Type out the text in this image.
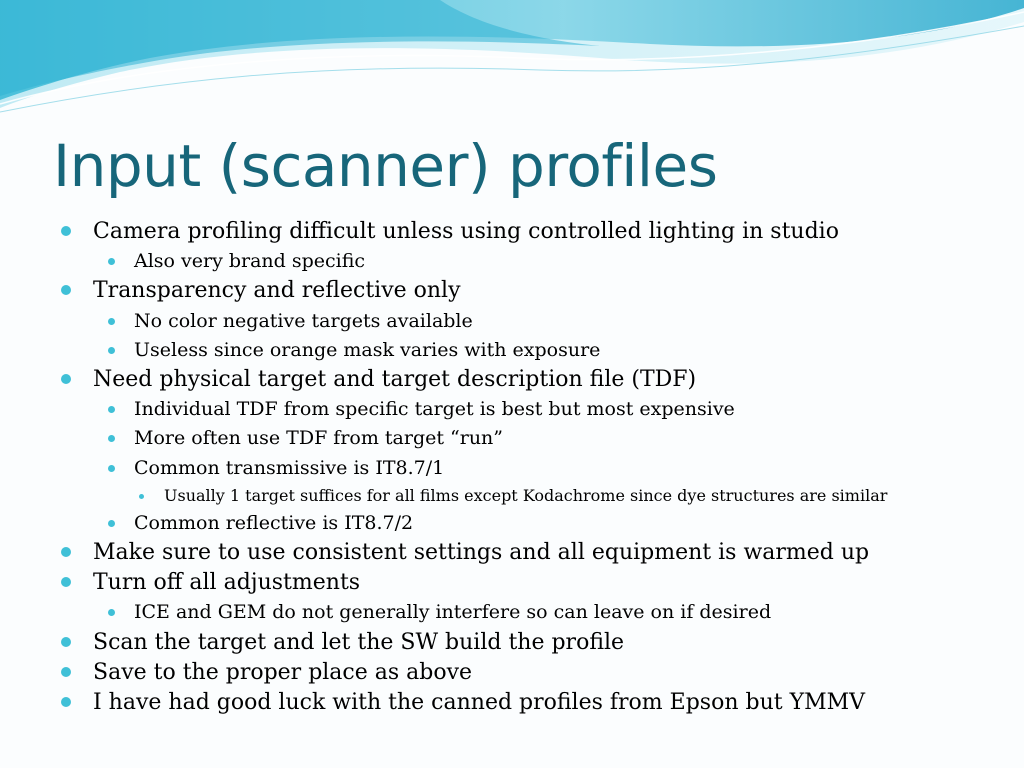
Input (scanner) profiles
Camera profiling difficult unless using controlled lighting in studio
Also very brand specific
Transparency and reflective only
No color negative targets available
Useless since orange mask varies with exposure
Need physical target and target description file (TDF)
Individual TDF from specific target is best but most expensive
More often use TDF from target “run”
Common transmissive is IT8.7/1
Usually 1 target suffices for all films except Kodachrome since dye structures are similar
Common reflective is IT8.7/2
Make sure to use consistent settings and all equipment is warmed up
Turn off all adjustments
ICE and GEM do not generally interfere so can leave on if desired
Scan the target and let the SW build the profile
Save to the proper place as above
I have had good luck with the canned profiles from Epson but YMMV
